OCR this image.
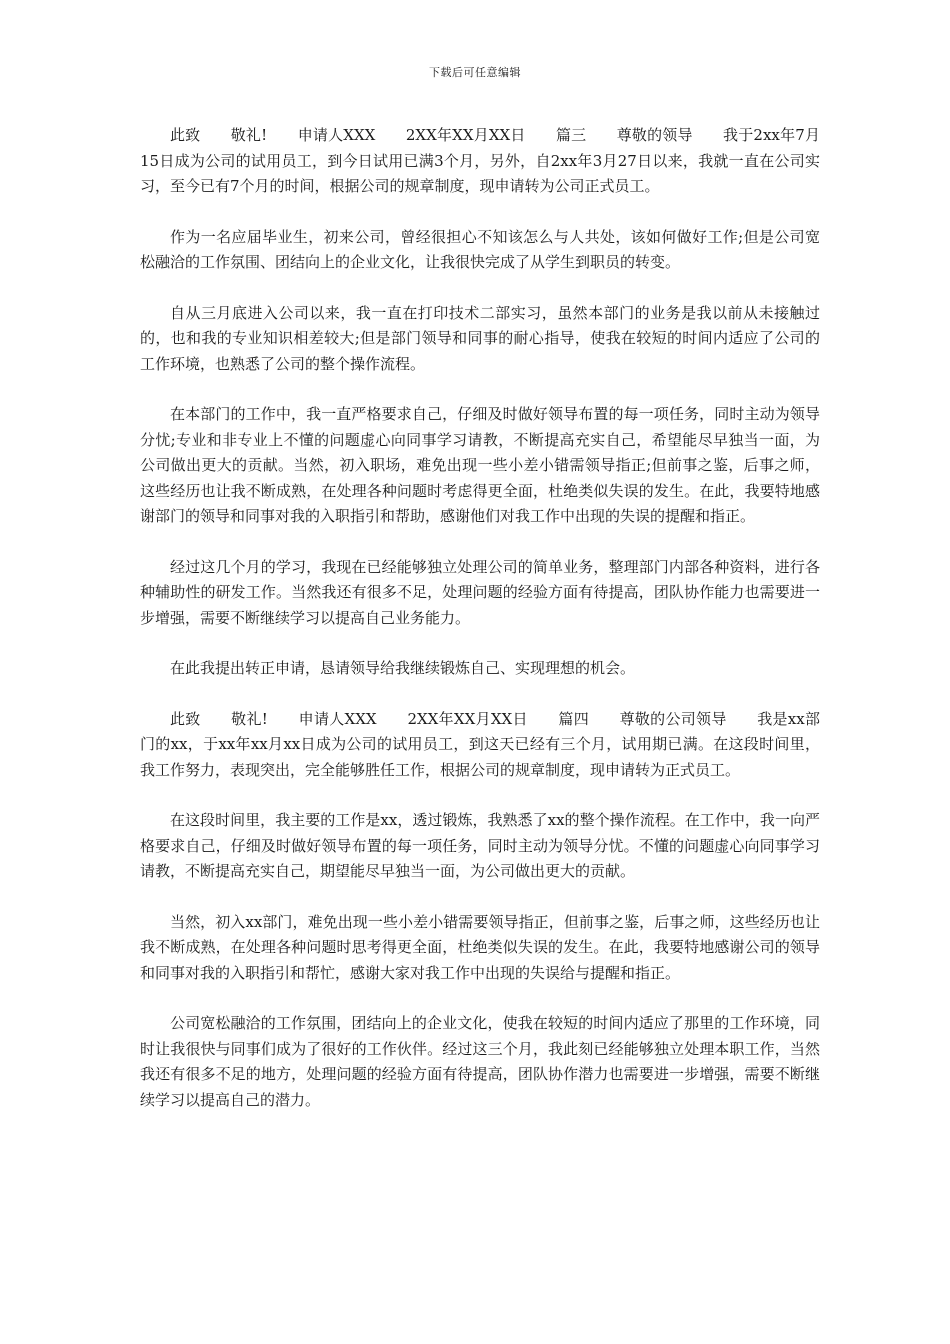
下载后可任意编辑

此致　　敬礼!　　申请人XXX　　2XX年XX月XX日　　篇三　　尊敬的领导　　我于2xx年7月15日成为公司的试用员工，到今日试用已满3个月，另外，自2xx年3月27日以来，我就一直在公司实习，至今已有7个月的时间，根据公司的规章制度，现申请转为公司正式员工。

作为一名应届毕业生，初来公司，曾经很担心不知该怎么与人共处，该如何做好工作;但是公司宽松融洽的工作氛围、团结向上的企业文化，让我很快完成了从学生到职员的转变。

自从三月底进入公司以来，我一直在打印技术二部实习，虽然本部门的业务是我以前从未接触过的，也和我的专业知识相差较大;但是部门领导和同事的耐心指导，使我在较短的时间内适应了公司的工作环境，也熟悉了公司的整个操作流程。

在本部门的工作中，我一直严格要求自己，仔细及时做好领导布置的每一项任务，同时主动为领导分忧;专业和非专业上不懂的问题虚心向同事学习请教，不断提高充实自己，希望能尽早独当一面，为公司做出更大的贡献。当然，初入职场，难免出现一些小差小错需领导指正;但前事之鉴，后事之师，这些经历也让我不断成熟，在处理各种问题时考虑得更全面，杜绝类似失误的发生。在此，我要特地感谢部门的领导和同事对我的入职指引和帮助，感谢他们对我工作中出现的失误的提醒和指正。

经过这几个月的学习，我现在已经能够独立处理公司的简单业务，整理部门内部各种资料，进行各种辅助性的研发工作。当然我还有很多不足，处理问题的经验方面有待提高，团队协作能力也需要进一步增强，需要不断继续学习以提高自己业务能力。

在此我提出转正申请，恳请领导给我继续锻炼自己、实现理想的机会。

此致　　敬礼!　　申请人XXX　　2XX年XX月XX日　　篇四　　尊敬的公司领导　　我是xx部门的xx，于xx年xx月xx日成为公司的试用员工，到这天已经有三个月，试用期已满。在这段时间里，我工作努力，表现突出，完全能够胜任工作，根据公司的规章制度，现申请转为正式员工。

在这段时间里，我主要的工作是xx，透过锻炼，我熟悉了xx的整个操作流程。在工作中，我一向严格要求自己，仔细及时做好领导布置的每一项任务，同时主动为领导分忧。不懂的问题虚心向同事学习请教，不断提高充实自己，期望能尽早独当一面，为公司做出更大的贡献。

当然，初入xx部门，难免出现一些小差小错需要领导指正，但前事之鉴，后事之师，这些经历也让我不断成熟，在处理各种问题时思考得更全面，杜绝类似失误的发生。在此，我要特地感谢公司的领导和同事对我的入职指引和帮忙，感谢大家对我工作中出现的失误给与提醒和指正。

公司宽松融洽的工作氛围，团结向上的企业文化，使我在较短的时间内适应了那里的工作环境，同时让我很快与同事们成为了很好的工作伙伴。经过这三个月，我此刻已经能够独立处理本职工作，当然我还有很多不足的地方，处理问题的经验方面有待提高，团队协作潜力也需要进一步增强，需要不断继续学习以提高自己的潜力。
